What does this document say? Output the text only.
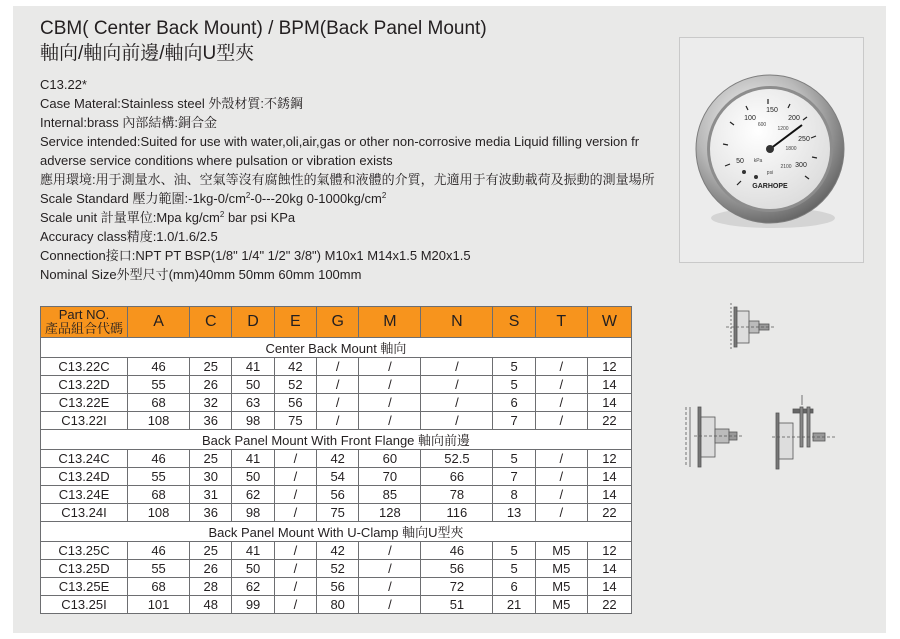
CBM( Center Back Mount) / BPM(Back Panel Mount)
軸向/軸向前邊/軸向U型夾
C13.22*
Case Materal:Stainless steel 外殼材質:不銹鋼
Internal:brass 內部結構:銅合金
Service intended:Suited for use with water,oli,air,gas or other non-corrosive media Liquid filling version fr adverse service conditions where pulsation or vibration exists
應用環境:用于測量水、油、空氣等沒有腐蝕性的氣體和液體的介質，尤適用于有波動載荷及振動的測量場所
Scale Standard 壓力範圍$:-1kg-0/cm^2-0---20kg$ $0-1000kg/cm^2$
Scale unit 計量單位:Mpa $kg/cm^2$ bar psi KPa
Accuracy class精度:1.0/1.6/2.5
Connection接口:NPT PT BSP(1/8" 1/4" 1/2" 3/8") M10x1 M14x1.5 M20x1.5
Nominal Size外型尺寸(mm)40mm 50mm 60mm 100mm
50
100
150
200
250
300
600
1200
1800
2100
kPa
psi
GARHOPE
Part NO.
產品組合代碼	A	C	D	E	G	M	N	S	T	W
Center Back Mount 軸向										
C13.22C	46	25	41	42	/	/	/	5	/	12
C13.22D	55	26	50	52	/	/	/	5	/	14
C13.22E	68	32	63	56	/	/	/	6	/	14
C13.22I	108	36	98	75	/	/	/	7	/	22
Back Panel Mount With Front Flange 軸向前邊										
C13.24C	46	25	41	/	42	60	52.5	5	/	12
C13.24D	55	30	50	/	54	70	66	7	/	14
C13.24E	68	31	62	/	56	85	78	8	/	14
C13.24I	108	36	98	/	75	128	116	13	/	22
Back Panel Mount With U-Clamp 軸向U型夾										
C13.25C	46	25	41	/	42	/	46	5	M5	12
C13.25D	55	26	50	/	52	/	56	5	M5	14
C13.25E	68	28	62	/	56	/	72	6	M5	14
C13.25I	101	48	99	/	80	/	51	21	M5	22
